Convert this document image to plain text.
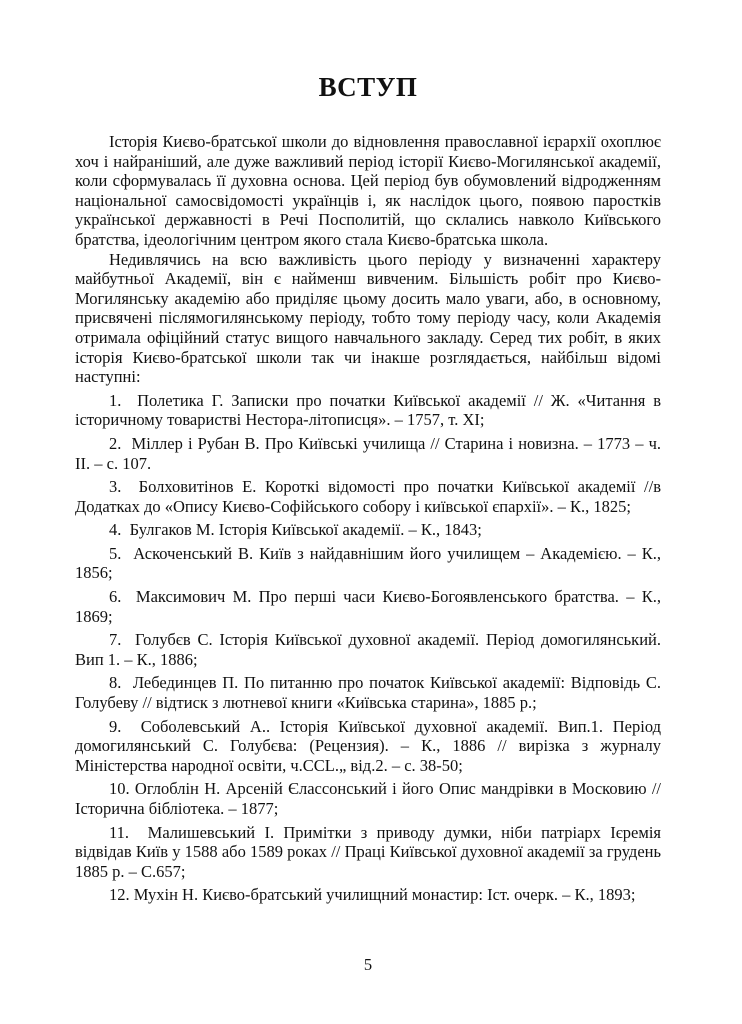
ВСТУП

Історія Києво-братської школи до відновлення православної ієрархії охоплює хоч і найраніший, але дуже важливий період історії Києво-Могилянської академії, коли сформувалась її духовна основа. Цей період був обумовлений відродженням національної самосвідомості українців і, як наслідок цього, появою паростків української державності в Речі Посполитій, що склались навколо Київського братства, ідеологічним центром якого стала Києво-братська школа.

Недивлячись на всю важливість цього періоду у визначенні характеру майбутньої Академії, він є найменш вивченим. Більшість робіт про Києво-Могилянську академію або приділяє цьому досить мало уваги, або, в основному, присвячені післямогилянському періоду, тобто тому періоду часу, коли Академія отримала офіційний статус вищого навчального закладу. Серед тих робіт, в яких історія Києво-братської школи так чи інакше розглядається, найбільш відомі наступні:

1.  Полетика Г. Записки про початки Київської академії // Ж. «Читання в історичному товаристві Нестора-літописця». – 1757, т. XI;

2.  Міллер і Рубан В. Про Київські училища // Старина і новизна. – 1773 – ч. II. – с. 107.

3.  Болховитінов Е. Короткі відомості про початки Київської академії //в Додатках до «Опису Києво-Софійського собору і київської єпархії». – К., 1825;

4.  Булгаков М. Історія Київської академії. – К., 1843;

5.  Аскоченський В. Київ з найдавнішим його училищем – Академією. – К., 1856;

6.  Максимович М. Про перші часи Києво-Богоявленського братства. – К., 1869;

7.  Голубєв С. Історія Київської духовної академії. Період домогилянський. Вип 1. – К., 1886;

8.  Лебединцев П. По питанню про початок Київської академії: Відповідь С. Голубеву // відтиск з лютневої книги «Київська старина», 1885 р.;

9.  Соболевський А.. Історія Київської духовної академії. Вип.1. Період домогилянський С. Голубєва: (Рецензия). – К., 1886 // вирізка з журналу Міністерства народної освіти, ч.CCL.„ від.2. – с. 38-50;

10. Оглоблін Н. Арсеній Єлассонський і його Опис мандрівки в Московию // Історична бібліотека. – 1877;

11.  Малишевський І. Примітки з приводу думки, ніби патріарх Ієремія відвідав Київ у 1588 або 1589 роках // Праці Київської духовної академії за грудень 1885 р. – С.657;

12. Мухін Н. Києво-братський училищний монастир: Іст. очерк. – К., 1893;

5
